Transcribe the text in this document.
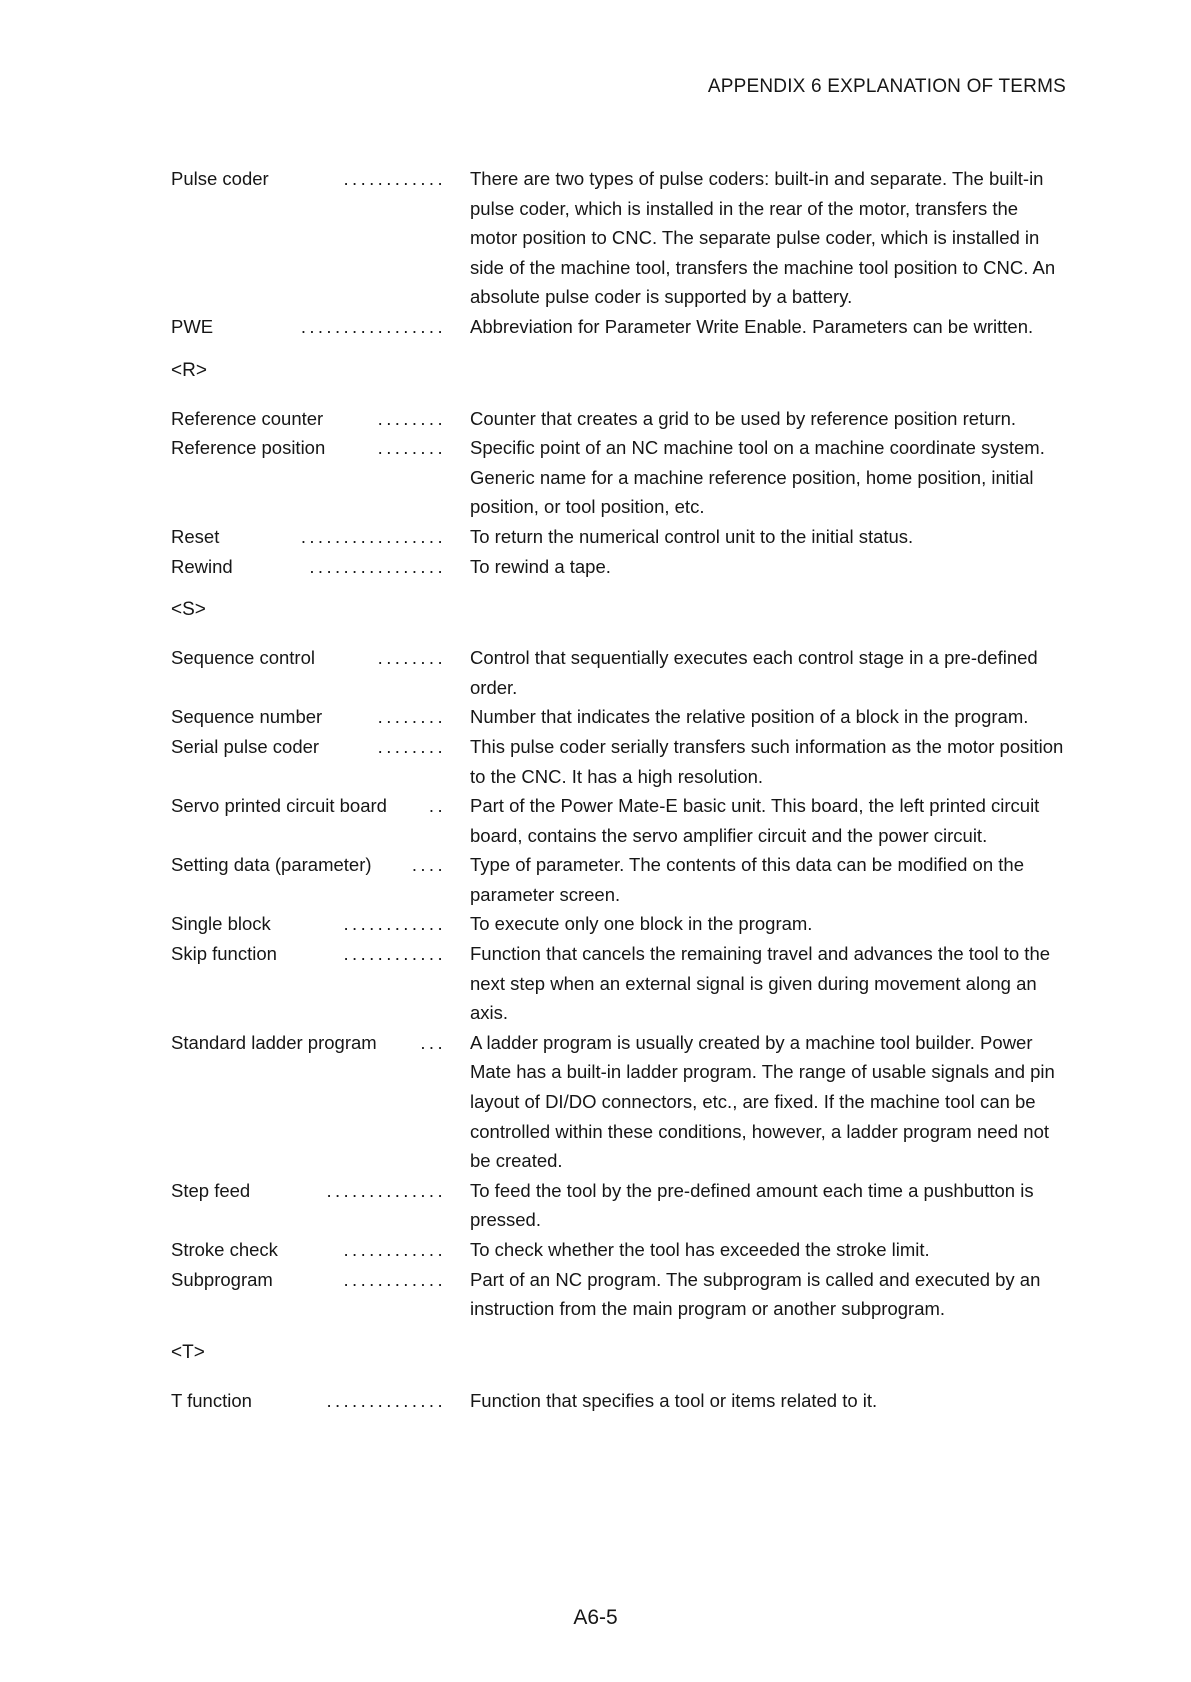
APPENDIX 6 EXPLANATION OF TERMS
Pulse coder	............ There are two types of pulse coders: built-in and separate. The built-in pulse coder, which is installed in the rear of the motor, transfers the motor position to CNC. The separate pulse coder, which is installed in side of the machine tool, transfers the machine tool position to CNC. An absolute pulse coder is supported by a battery.
PWE	................. Abbreviation for Parameter Write Enable. Parameters can be written.
<R>
Reference counter	........ Counter that creates a grid to be used by reference position return.
Reference position	........ Specific point of an NC machine tool on a machine coordinate system. Generic name for a machine reference position, home position, initial position, or tool position, etc.
Reset	................. To return the numerical control unit to the initial status.
Rewind	................ To rewind a tape.
<S>
Sequence control	........ Control that sequentially executes each control stage in a pre-defined order.
Sequence number	........ Number that indicates the relative position of a block in the program.
Serial pulse coder	........ This pulse coder serially transfers such information as the motor position to the CNC. It has a high resolution.
Servo printed circuit board	.. Part of the Power Mate-E basic unit. This board, the left printed circuit board, contains the servo amplifier circuit and the power circuit.
Setting data (parameter)	.... Type of parameter. The contents of this data can be modified on the parameter screen.
Single block	............ To execute only one block in the program.
Skip function	............ Function that cancels the remaining travel and advances the tool to the next step when an external signal is given during movement along an axis.
Standard ladder program	... A ladder program is usually created by a machine tool builder. Power Mate has a built-in ladder program. The range of usable signals and pin layout of DI/DO connectors, etc., are fixed. If the machine tool can be controlled within these conditions, however, a ladder program need not be created.
Step feed	.............. To feed the tool by the pre-defined amount each time a pushbutton is pressed.
Stroke check	............ To check whether the tool has exceeded the stroke limit.
Subprogram	............ Part of an NC program. The subprogram is called and executed by an instruction from the main program or another subprogram.
<T>
T function	.............. Function that specifies a tool or items related to it.
A6-5
